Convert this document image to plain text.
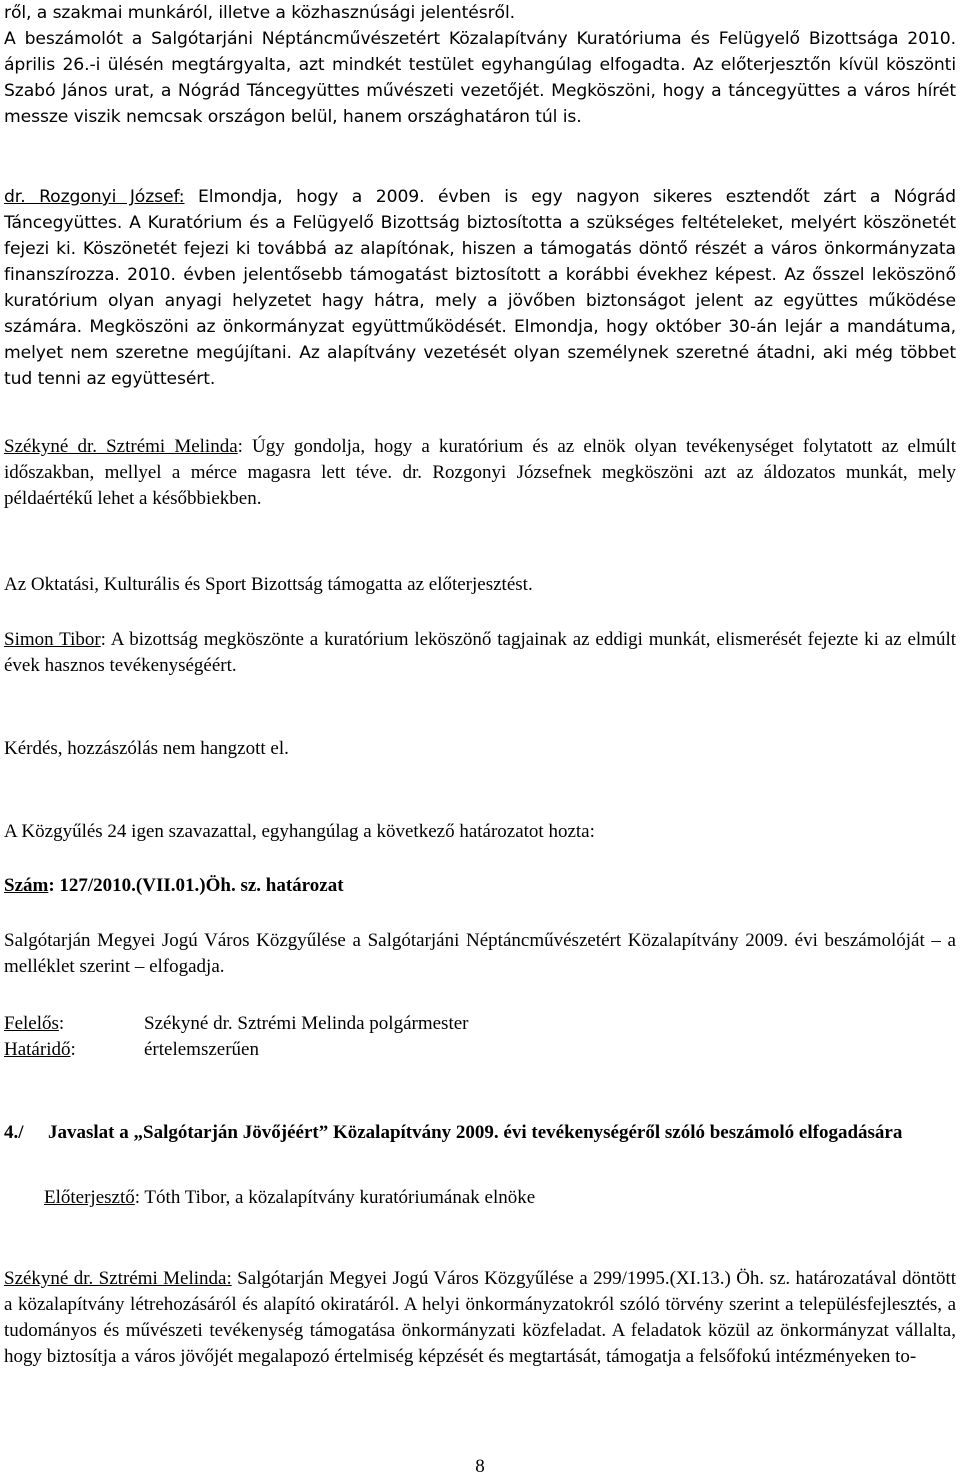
ről, a szakmai munkáról, illetve a közhasznúsági jelentésről.
A beszámolót a Salgótarjáni Néptáncművészetért Közalapítvány Kuratóriuma és Felügyelő Bizottsága 2010. április 26.-i ülésén megtárgyalta, azt mindkét testület egyhangúlag elfogadta. Az előterjesztőn kívül köszönti Szabó János urat, a Nógrád Táncegyüttes művészeti vezetőjét. Megköszöni, hogy a táncegyüttes a város hírét messze viszik nemcsak országon belül, hanem országhatáron túl is.

dr. Rozgonyi József: Elmondja, hogy a 2009. évben is egy nagyon sikeres esztendőt zárt a Nógrád Táncegyüttes. A Kuratórium és a Felügyelő Bizottság biztosította a szükséges feltételeket, melyért köszönetét fejezi ki. Köszönetét fejezi ki továbbá az alapítónak, hiszen a támogatás döntő részét a város önkormányzata finanszírozza. 2010. évben jelentősebb támogatást biztosított a korábbi évekhez képest. Az ősszel leköszönő kuratórium olyan anyagi helyzetet hagy hátra, mely a jövőben biztonságot jelent az együttes működése számára. Megköszöni az önkormányzat együttműködését. Elmondja, hogy október 30-án lejár a mandátuma, melyet nem szeretne megújítani. Az alapítvány vezetését olyan személynek szeretné átadni, aki még többet tud tenni az együttesért.

Székyné dr. Sztrémi Melinda: Úgy gondolja, hogy a kuratórium és az elnök olyan tevékenységet folytatott az elmúlt időszakban, mellyel a mérce magasra lett téve. dr. Rozgonyi Józsefnek megköszöni azt az áldozatos munkát, mely példaértékű lehet a későbbiekben.

Az Oktatási, Kulturális és Sport Bizottság támogatta az előterjesztést.

Simon Tibor: A bizottság megköszönte a kuratórium leköszönő tagjainak az eddigi munkát, elismerését fejezte ki az elmúlt évek hasznos tevékenységéért.

Kérdés, hozzászólás nem hangzott el.

A Közgyűlés 24 igen szavazattal, egyhangúlag a következő határozatot hozta:

Szám: 127/2010.(VII.01.)Öh. sz. határozat

Salgótarján Megyei Jogú Város Közgyűlése a Salgótarjáni Néptáncművészetért Közalapítvány 2009. évi beszámolóját – a melléklet szerint – elfogadja.

Felelős:	Székyné dr. Sztrémi Melinda polgármester
Határidő:	értelemszerűen
4./ Javaslat a „Salgótarján Jövőjéért” Közalapítvány 2009. évi tevékenységéről szóló beszámoló elfogadására

Előterjesztő: Tóth Tibor, a közalapítvány kuratóriumának elnöke

Székyné dr. Sztrémi Melinda: Salgótarján Megyei Jogú Város Közgyűlése a 299/1995.(XI.13.) Öh. sz. határozatával döntött a közalapítvány létrehozásáról és alapító okiratáról. A helyi önkormányzatokról szóló törvény szerint a településfejlesztés, a tudományos és művészeti tevékenység támogatása önkormányzati közfeladat. A feladatok közül az önkormányzat vállalta, hogy biztosítja a város jövőjét megalapozó értelmiség képzését és megtartását, támogatja a felsőfokú intézményeken to-

8
